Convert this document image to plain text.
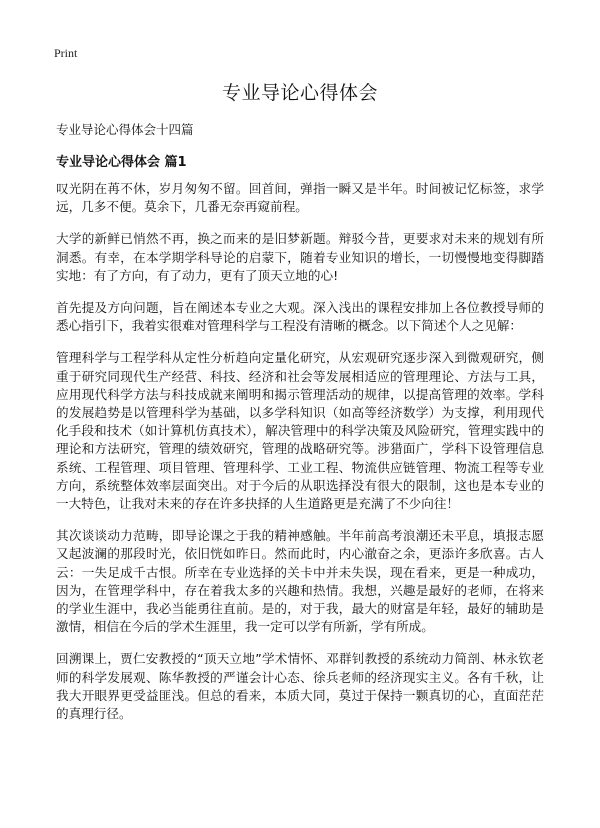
Print
专业导论心得体会

专业导论心得体会十四篇

专业导论心得体会 篇1

叹光阴在苒不休，岁月匆匆不留。回首间，弹指一瞬又是半年。时间被记忆标签，求学远，几多不便。莫余下，几番无奈再窥前程。

大学的新鲜已悄然不再，换之而来的是旧梦新题。辩驳今昔，更要求对未来的规划有所洞悉。有幸，在本学期学科导论的启蒙下，随着专业知识的增长，一切慢慢地变得脚踏实地：有了方向，有了动力，更有了顶天立地的心!

首先提及方向问题，旨在阐述本专业之大观。深入浅出的课程安排加上各位教授导师的悉心指引下，我着实很难对管理科学与工程没有清晰的概念。以下简述个人之见解：

管理科学与工程学科从定性分析趋向定量化研究，从宏观研究逐步深入到微观研究，侧重于研究同现代生产经营、科技、经济和社会等发展相适应的管理理论、方法与工具，应用现代科学方法与科技成就来阐明和揭示管理活动的规律，以提高管理的效率。学科的发展趋势是以管理科学为基础，以多学科知识（如高等经济数学）为支撑，利用现代化手段和技术（如计算机仿真技术），解决管理中的科学决策及风险研究，管理实践中的理论和方法研究，管理的绩效研究，管理的战略研究等。涉猎面广，学科下设管理信息系统、工程管理、项目管理、管理科学、工业工程、物流供应链管理、物流工程等专业方向，系统整体效率层面突出。对于今后的从职选择没有很大的限制，这也是本专业的一大特色，让我对未来的存在许多抉择的人生道路更是充满了不少向往！

其次谈谈动力范畴，即导论课之于我的精神感触。半年前高考浪潮还未平息，填报志愿又起波澜的那段时光，依旧恍如昨日。然而此时，内心澈奋之余，更添许多欣喜。古人云：一失足成千古恨。所幸在专业选择的关卡中并未失误，现在看来，更是一种成功，因为，在管理学科中，存在着我太多的兴趣和热情。我想，兴趣是最好的老师，在将来的学业生涯中，我必当能勇往直前。是的，对于我，最大的财富是年轻，最好的辅助是激情，相信在今后的学术生涯里，我一定可以学有所新，学有所成。

回溯课上，贾仁安教授的“顶天立地”学术情怀、邓群钊教授的系统动力简剖、林永钦老师的科学发展观、陈华教授的严谨会计心态、徐兵老师的经济现实主义。各有千秋，让我大开眼界更受益匪浅。但总的看来，本质大同，莫过于保持一颗真切的心，直面茫茫的真理行径。
